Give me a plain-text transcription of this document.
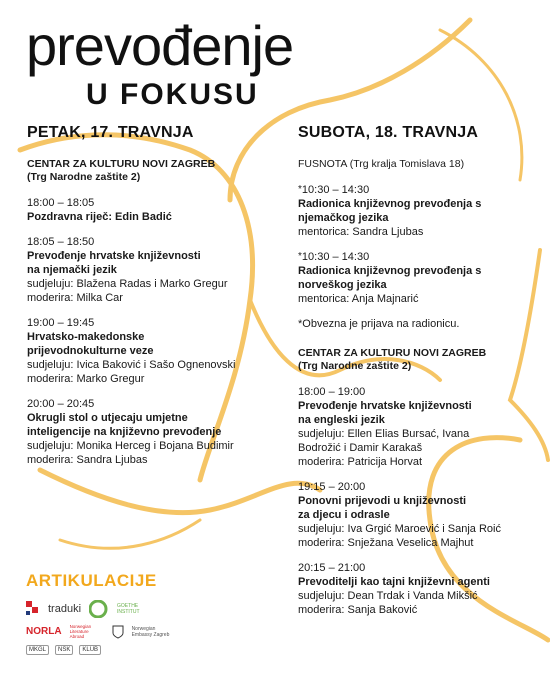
prevođenje
U FOKUSU
PETAK, 17. TRAVNJA
CENTAR ZA KULTURU NOVI ZAGREB
(Trg Narodne zaštite 2)
18:00 – 18:05
Pozdravna riječ: Edin Badić
18:05 – 18:50
Prevođenje hrvatske književnosti
na njemački jezik
sudjeluju: Blažena Radas i Marko Gregur
moderira: Milka Car
19:00 – 19:45
Hrvatsko-makedonske
prijevodnokulturne veze
sudjeluju: Ivica Baković i Sašo Ognenovski
moderira: Marko Gregur
20:00 – 20:45
Okrugli stol o utjecaju umjetne
inteligencije na književno prevođenje
sudjeluju: Monika Herceg i Bojana Budimir
moderira: Sandra Ljubas
SUBOTA, 18. TRAVNJA
FUSNOTA (Trg kralja Tomislava 18)
*10:30 – 14:30
Radionica književnog prevođenja s
njemačkog jezika
mentorica: Sandra Ljubas
*10:30 – 14:30
Radionica književnog prevođenja s
norveškog jezika
mentorica: Anja Majnarić
*Obvezna je prijava na radionicu.
CENTAR ZA KULTURU NOVI ZAGREB
(Trg Narodne zaštite 2)
18:00 – 19:00
Prevođenje hrvatske književnosti
na engleski jezik
sudjeluju: Ellen Elias Bursać, Ivana
Bodrožić i Damir Karakaš
moderira: Patricija Horvat
19:15 – 20:00
Ponovni prijevodi u književnosti
za djecu i odrasle
sudjeluju: Iva Grgić Maroević i Sanja Roić
moderira: Snježana Veselica Majhut
20:15 – 21:00
Prevoditelji kao tajni književni agenti
sudjeluju: Dean Trdak i Vanda Mikšić
moderira: Sanja Baković
ARTIKULACIJE
traduki	GOETHE INSTITUT
NORLA Norwegian Literature Abroad
Norwegian Embassy Zagreb
MKGL	NSK	KLUB
